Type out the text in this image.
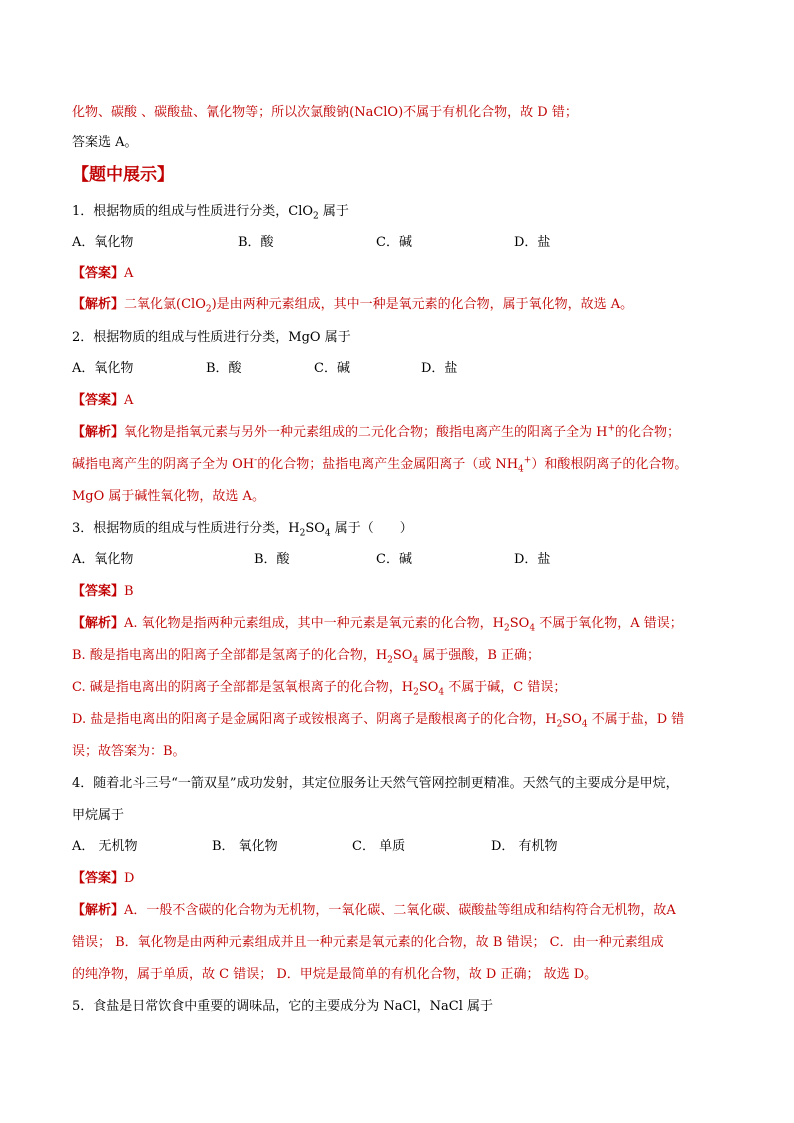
化物、碳酸 、碳酸盐、氰化物等；所以次氯酸钠(NaClO)不属于有机化合物，故 D 错；
答案选 A。
【题中展示】
1．根据物质的组成与性质进行分类，ClO$_2$ 属于
A．氧化物	B．酸	C．碱	D．盐
【答案】A
【解析】二氧化氯(ClO$_2$)是由两种元素组成，其中一种是氧元素的化合物，属于氧化物，故选 A。
2．根据物质的组成与性质进行分类，MgO 属于
A．氧化物	B．酸	C．碱	D．盐
【答案】A
【解析】氧化物是指氧元素与另外一种元素组成的二元化合物；酸指电离产生的阳离子全为 H+的化合物；
碱指电离产生的阴离子全为 OH-的化合物；盐指电离产生金属阳离子（或 $NH_4^+$）和酸根阴离子的化合物。
MgO 属于碱性氧化物，故选 A。
3．根据物质的组成与性质进行分类，$H_2SO_4$ 属于（　　）
A．氧化物	B．酸	C．碱	D．盐
【答案】B
【解析】A. 氧化物是指两种元素组成，其中一种元素是氧元素的化合物，$H_2SO_4$ 不属于氧化物，A 错误；
B. 酸是指电离出的阳离子全部都是氢离子的化合物，$H_2SO_4$ 属于强酸，B 正确；
C. 碱是指电离出的阴离子全部都是氢氧根离子的化合物，$H_2SO_4$ 不属于碱，C 错误；
D. 盐是指电离出的阳离子是金属阳离子或铵根离子、阴离子是酸根离子的化合物，$H_2SO_4$ 不属于盐，D 错
误；故答案为：B。
4．随着北斗三号“一箭双星”成功发射，其定位服务让天然气管网控制更精准。天然气的主要成分是甲烷，
甲烷属于
A． 无机物	B． 氧化物	C． 单质	D． 有机物
【答案】D
【解析】A．一般不含碳的化合物为无机物，一氧化碳、二氧化碳、碳酸盐等组成和结构符合无机物，故A
错误； B．氧化物是由两种元素组成并且一种元素是氧元素的化合物，故 B 错误； C．由一种元素组成
的纯净物，属于单质，故 C 错误； D．甲烷是最简单的有机化合物，故 D 正确； 故选 D。
5．食盐是日常饮食中重要的调味品，它的主要成分为 NaCl，NaCl 属于
